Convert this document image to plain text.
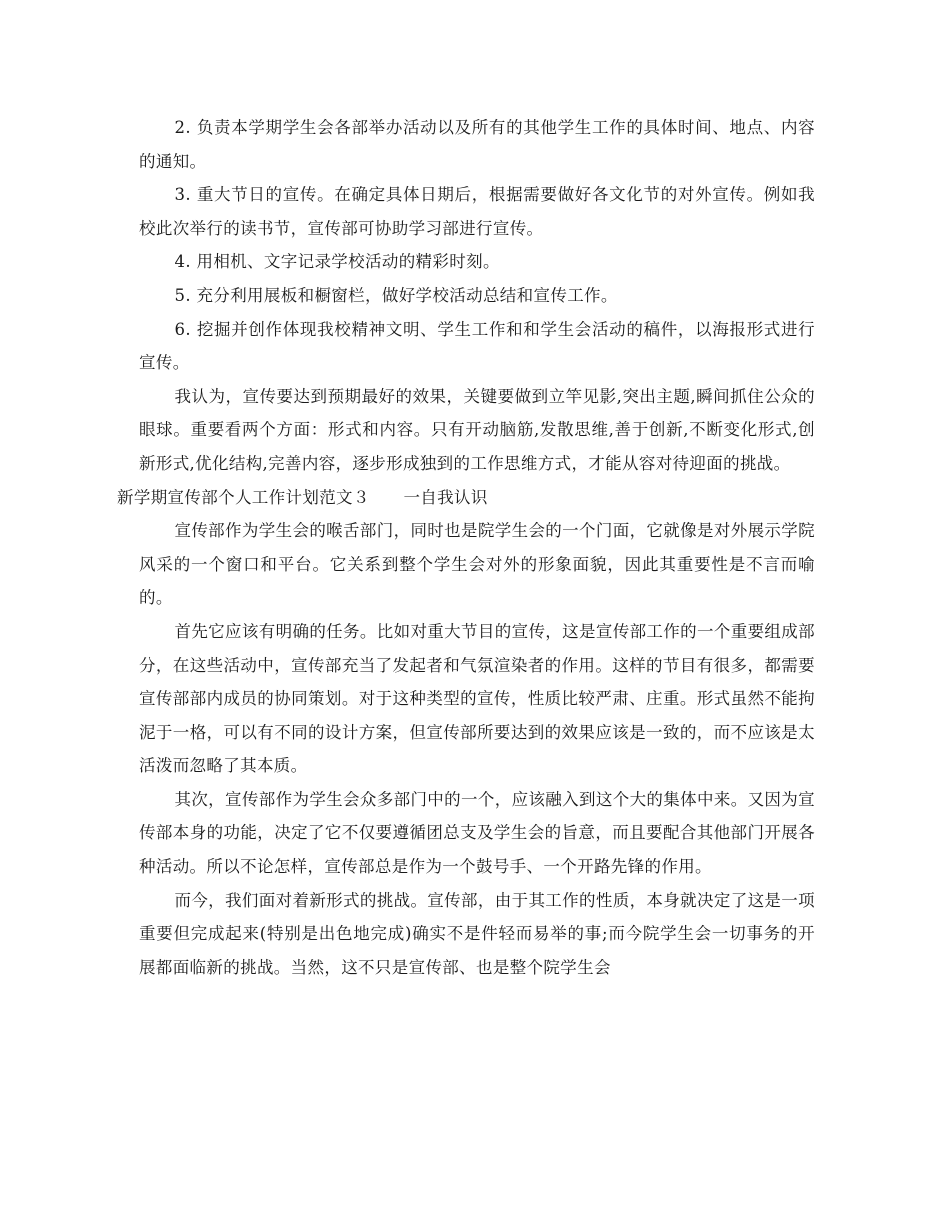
2. 负责本学期学生会各部举办活动以及所有的其他学生工作的具体时间、地点、内容的通知。

3. 重大节日的宣传。在确定具体日期后，根据需要做好各文化节的对外宣传。例如我校此次举行的读书节，宣传部可协助学习部进行宣传。

4. 用相机、文字记录学校活动的精彩时刻。

5. 充分利用展板和橱窗栏，做好学校活动总结和宣传工作。

6. 挖掘并创作体现我校精神文明、学生工作和和学生会活动的稿件，以海报形式进行宣传。

我认为，宣传要达到预期最好的效果，关键要做到立竿见影,突出主题,瞬间抓住公众的眼球。重要看两个方面：形式和内容。只有开动脑筋,发散思维,善于创新,不断变化形式,创新形式,优化结构,完善内容，逐步形成独到的工作思维方式，才能从容对待迎面的挑战。

新学期宣传部个人工作计划范文３　　一自我认识

宣传部作为学生会的喉舌部门，同时也是院学生会的一个门面，它就像是对外展示学院风采的一个窗口和平台。它关系到整个学生会对外的形象面貌，因此其重要性是不言而喻的。

首先它应该有明确的任务。比如对重大节目的宣传，这是宣传部工作的一个重要组成部分，在这些活动中，宣传部充当了发起者和气氛渲染者的作用。这样的节目有很多，都需要宣传部部内成员的协同策划。对于这种类型的宣传，性质比较严肃、庄重。形式虽然不能拘泥于一格，可以有不同的设计方案，但宣传部所要达到的效果应该是一致的，而不应该是太活泼而忽略了其本质。

其次，宣传部作为学生会众多部门中的一个，应该融入到这个大的集体中来。又因为宣传部本身的功能，决定了它不仅要遵循团总支及学生会的旨意，而且要配合其他部门开展各种活动。所以不论怎样，宣传部总是作为一个鼓号手、一个开路先锋的作用。

而今，我们面对着新形式的挑战。宣传部，由于其工作的性质，本身就决定了这是一项重要但完成起来(特别是出色地完成)确实不是件轻而易举的事;而今院学生会一切事务的开展都面临新的挑战。当然，这不只是宣传部、也是整个院学生会
